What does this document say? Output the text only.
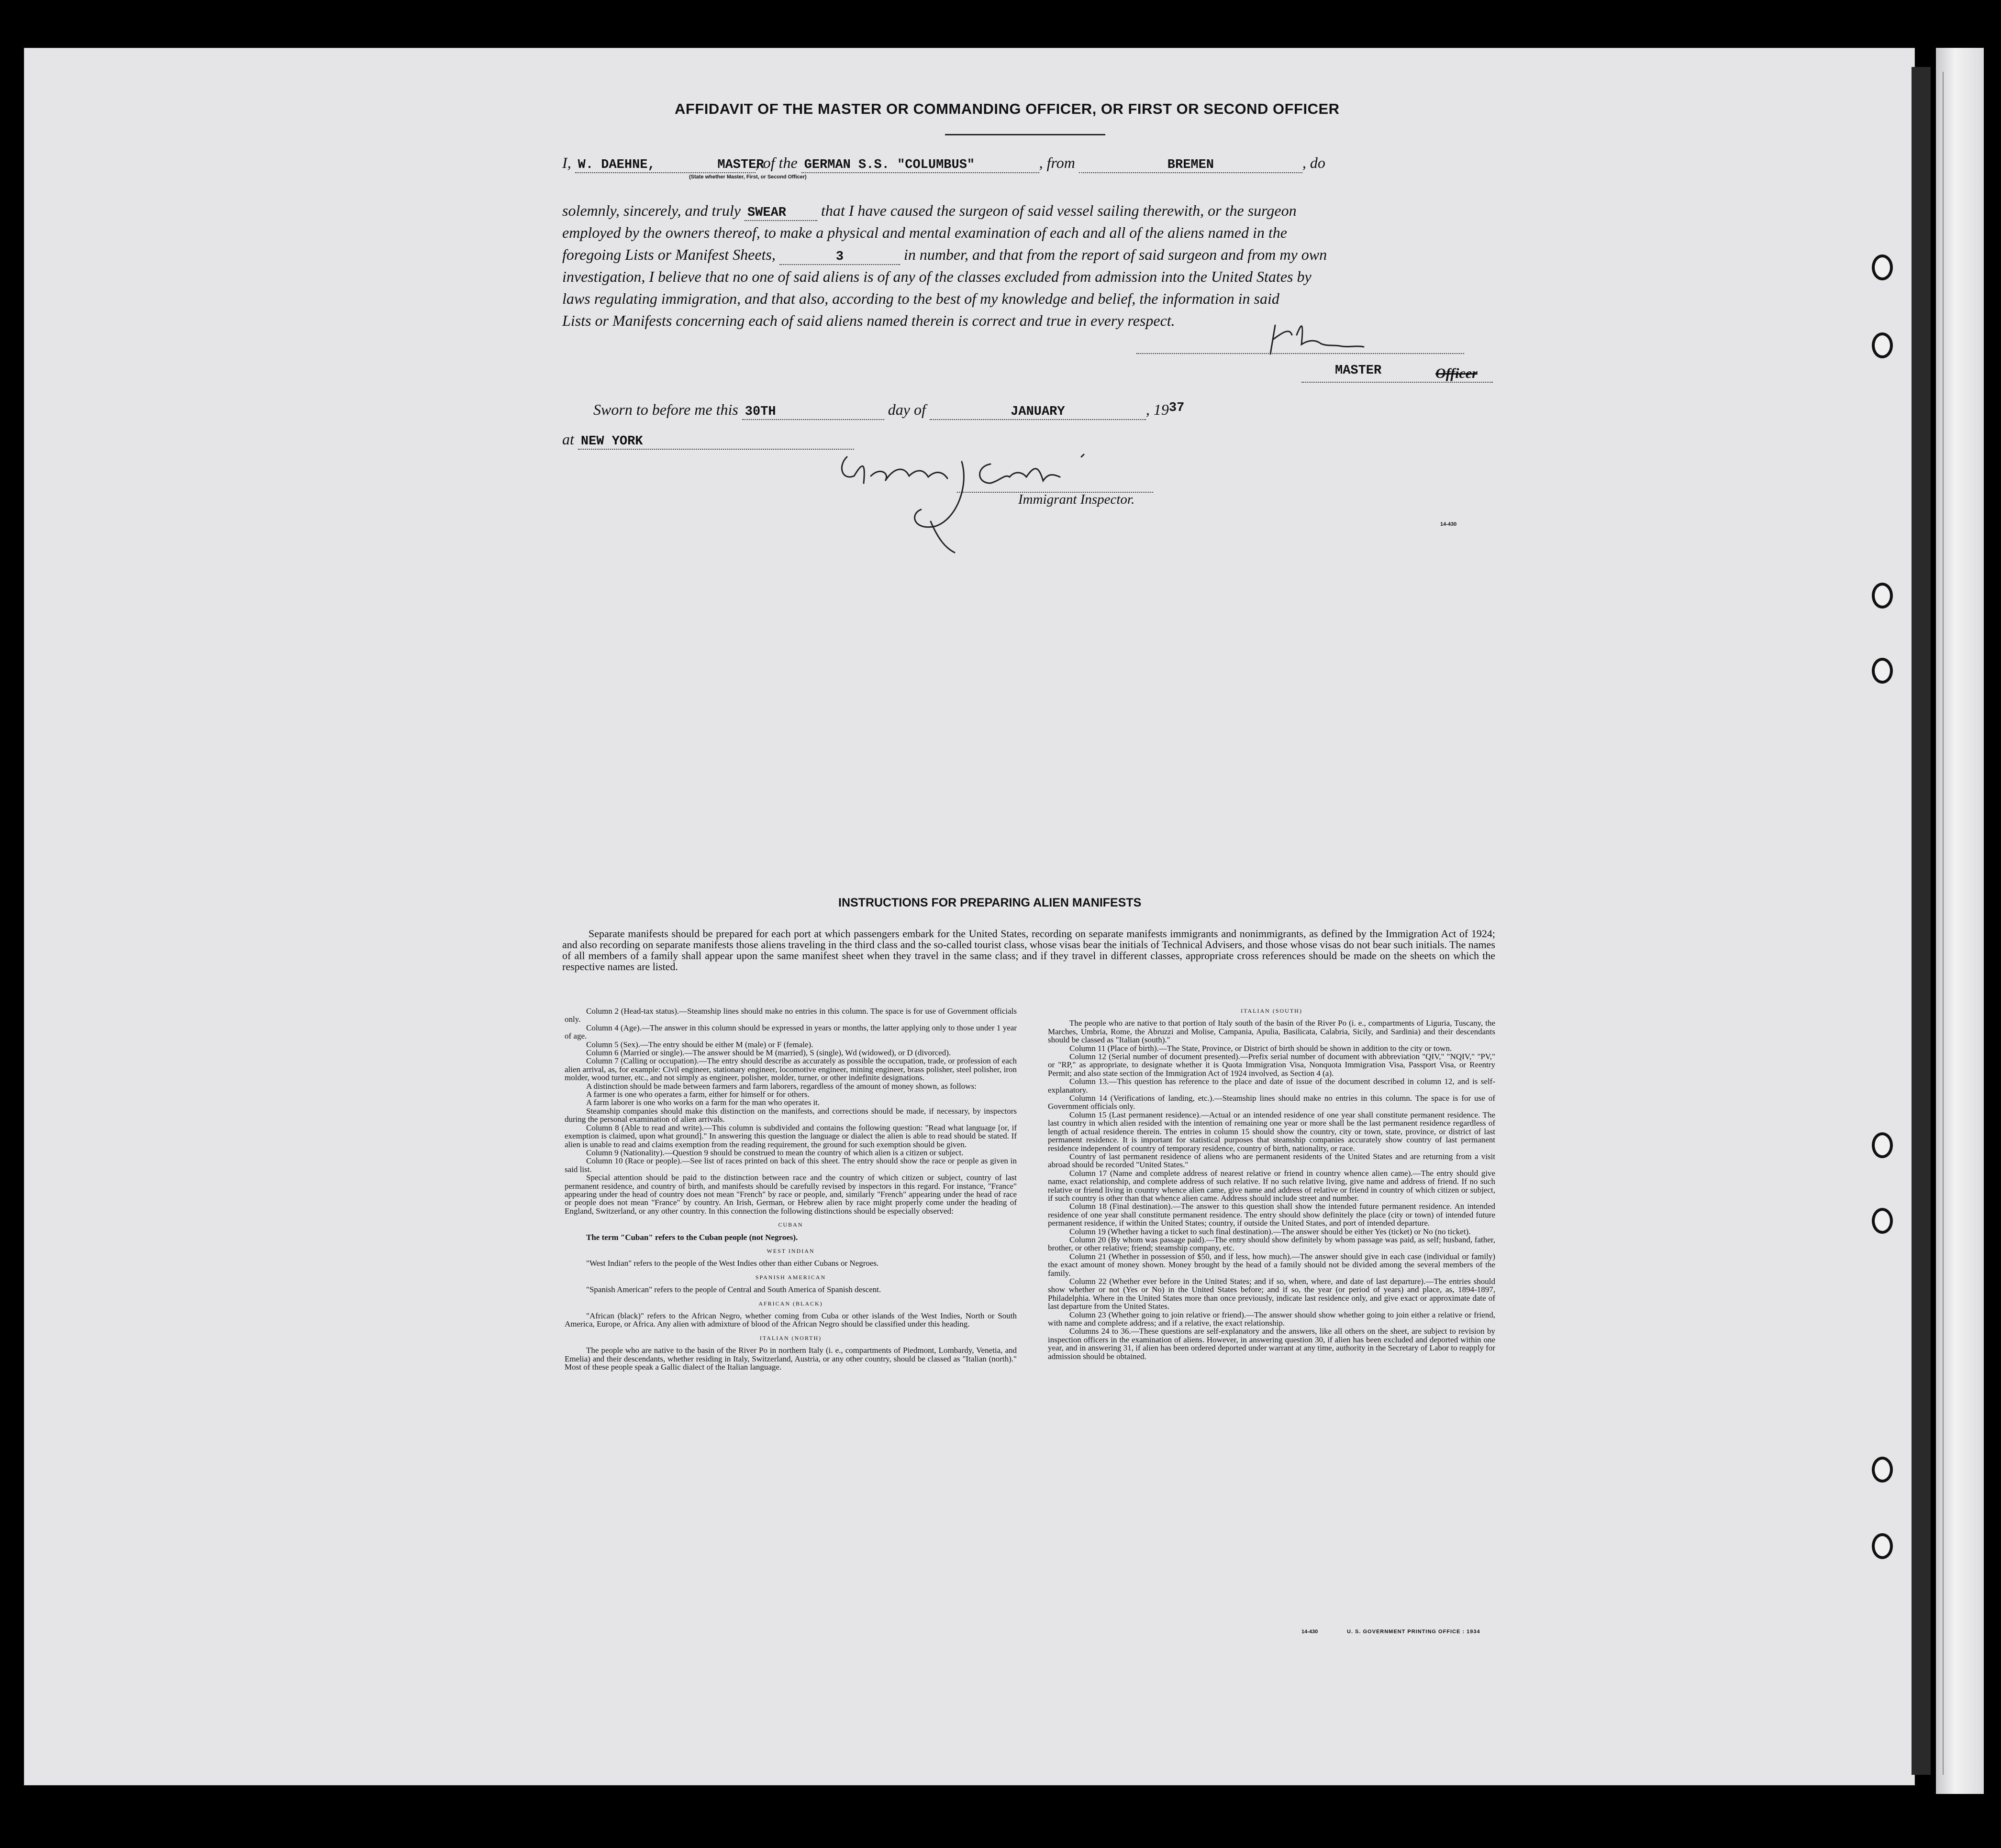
AFFIDAVIT OF THE MASTER OR COMMANDING OFFICER, OR FIRST OR SECOND OFFICER
I, W. DAEHNE,	MASTER, of the GERMAN S.S. "COLUMBUS"	, from	BREMEN	, do
(State whether Master, First, or Second Officer)
solemnly, sincerely, and truly SWEAR that I have caused the surgeon of said vessel sailing therewith, or the surgeon
employed by the owners thereof, to make a physical and mental examination of each and all of the aliens named in the
foregoing Lists or Manifest Sheets,	3	in number, and that from the report of said surgeon and from my own
investigation, I believe that no one of said aliens is of any of the classes excluded from admission into the United States by
laws regulating immigration, and that also, according to the best of my knowledge and belief, the information in said
Lists or Manifests concerning each of said aliens named therein is correct and true in every respect.
MASTER	Officer
Sworn to before me this 30TH	day of	JANUARY	, $19^{37}$
at NEW YORK
Immigrant Inspector.
14-430
INSTRUCTIONS FOR PREPARING ALIEN MANIFESTS
Separate manifests should be prepared for each port at which passengers embark for the United States, recording on separate manifests immigrants and nonimmigrants, as defined by the Immigration Act of 1924; and also recording on separate manifests those aliens traveling in the third class and the so-called tourist class, whose visas bear the initials of Technical Advisers, and those whose visas do not bear such initials. The names of all members of a family shall appear upon the same manifest sheet when they travel in the same class; and if they travel in different classes, appropriate cross references should be made on the sheets on which the respective names are listed.

Column 2 (Head-tax status).—Steamship lines should make no entries in this column. The space is for use of Government officials only.

Column 4 (Age).—The answer in this column should be expressed in years or months, the latter applying only to those under 1 year of age.

Column 5 (Sex).—The entry should be either M (male) or F (female).

Column 6 (Married or single).—The answer should be M (married), S (single), Wd (widowed), or D (divorced).

Column 7 (Calling or occupation).—The entry should describe as accurately as possible the occupation, trade, or profession of each alien arrival, as, for example: Civil engineer, stationary engineer, locomotive engineer, mining engineer, brass polisher, steel polisher, iron molder, wood turner, etc., and not simply as engineer, polisher, molder, turner, or other indefinite designations.

A distinction should be made between farmers and farm laborers, regardless of the amount of money shown, as follows:

A farmer is one who operates a farm, either for himself or for others.

A farm laborer is one who works on a farm for the man who operates it.

Steamship companies should make this distinction on the manifests, and corrections should be made, if necessary, by inspectors during the personal examination of alien arrivals.

Column 8 (Able to read and write).—This column is subdivided and contains the following question: "Read what language [or, if exemption is claimed, upon what ground]." In answering this question the language or dialect the alien is able to read should be stated. If alien is unable to read and claims exemption from the reading requirement, the ground for such exemption should be given.

Column 9 (Nationality).—Question 9 should be construed to mean the country of which alien is a citizen or subject.

Column 10 (Race or people).—See list of races printed on back of this sheet. The entry should show the race or people as given in said list.

Special attention should be paid to the distinction between race and the country of which citizen or subject, country of last permanent residence, and country of birth, and manifests should be carefully revised by inspectors in this regard. For instance, "France" appearing under the head of country does not mean "French" by race or people, and, similarly "French" appearing under the head of race or people does not mean "France" by country. An Irish, German, or Hebrew alien by race might properly come under the heading of England, Switzerland, or any other country. In this connection the following distinctions should be especially observed:

CUBAN

The term "Cuban" refers to the Cuban people (not Negroes).

WEST INDIAN

"West Indian" refers to the people of the West Indies other than either Cubans or Negroes.

SPANISH AMERICAN

"Spanish American" refers to the people of Central and South America of Spanish descent.

AFRICAN (BLACK)

"African (black)" refers to the African Negro, whether coming from Cuba or other islands of the West Indies, North or South America, Europe, or Africa. Any alien with admixture of blood of the African Negro should be classified under this heading.

ITALIAN (NORTH)

The people who are native to the basin of the River Po in northern Italy (i. e., compartments of Piedmont, Lombardy, Venetia, and Emelia) and their descendants, whether residing in Italy, Switzerland, Austria, or any other country, should be classed as "Italian (north)." Most of these people speak a Gallic dialect of the Italian language.

ITALIAN (SOUTH)

The people who are native to that portion of Italy south of the basin of the River Po (i. e., compartments of Liguria, Tuscany, the Marches, Umbria, Rome, the Abruzzi and Molise, Campania, Apulia, Basilicata, Calabria, Sicily, and Sardinia) and their descendants should be classed as "Italian (south)."

Column 11 (Place of birth).—The State, Province, or District of birth should be shown in addition to the city or town.

Column 12 (Serial number of document presented).—Prefix serial number of document with abbreviation "QIV," "NQIV," "PV," or "RP," as appropriate, to designate whether it is Quota Immigration Visa, Nonquota Immigration Visa, Passport Visa, or Reentry Permit; and also state section of the Immigration Act of 1924 involved, as Section 4 (a).

Column 13.—This question has reference to the place and date of issue of the document described in column 12, and is self-explanatory.

Column 14 (Verifications of landing, etc.).—Steamship lines should make no entries in this column. The space is for use of Government officials only.

Column 15 (Last permanent residence).—Actual or an intended residence of one year shall constitute permanent residence. The last country in which alien resided with the intention of remaining one year or more shall be the last permanent residence regardless of length of actual residence therein. The entries in column 15 should show the country, city or town, state, province, or district of last permanent residence. It is important for statistical purposes that steamship companies accurately show country of last permanent residence independent of country of temporary residence, country of birth, nationality, or race.

Country of last permanent residence of aliens who are permanent residents of the United States and are returning from a visit abroad should be recorded "United States."

Column 17 (Name and complete address of nearest relative or friend in country whence alien came).—The entry should give name, exact relationship, and complete address of such relative. If no such relative living, give name and address of friend. If no such relative or friend living in country whence alien came, give name and address of relative or friend in country of which citizen or subject, if such country is other than that whence alien came. Address should include street and number.

Column 18 (Final destination).—The answer to this question shall show the intended future permanent residence. An intended residence of one year shall constitute permanent residence. The entry should show definitely the place (city or town) of intended future permanent residence, if within the United States; country, if outside the United States, and port of intended departure.

Column 19 (Whether having a ticket to such final destination).—The answer should be either Yes (ticket) or No (no ticket).

Column 20 (By whom was passage paid).—The entry should show definitely by whom passage was paid, as self; husband, father, brother, or other relative; friend; steamship company, etc.

Column 21 (Whether in possession of $50, and if less, how much).—The answer should give in each case (individual or family) the exact amount of money shown. Money brought by the head of a family should not be divided among the several members of the family.

Column 22 (Whether ever before in the United States; and if so, when, where, and date of last departure).—The entries should show whether or not (Yes or No) in the United States before; and if so, the year (or period of years) and place, as, 1894-1897, Philadelphia. Where in the United States more than once previously, indicate last residence only, and give exact or approximate date of last departure from the United States.

Column 23 (Whether going to join relative or friend).—The answer should show whether going to join either a relative or friend, with name and complete address; and if a relative, the exact relationship.

Columns 24 to 36.—These questions are self-explanatory and the answers, like all others on the sheet, are subject to revision by inspection officers in the examination of aliens. However, in answering question 30, if alien has been excluded and deported within one year, and in answering 31, if alien has been ordered deported under warrant at any time, authority in the Secretary of Labor to reapply for admission should be obtained.

14-430	U. S. GOVERNMENT PRINTING OFFICE : 1934
